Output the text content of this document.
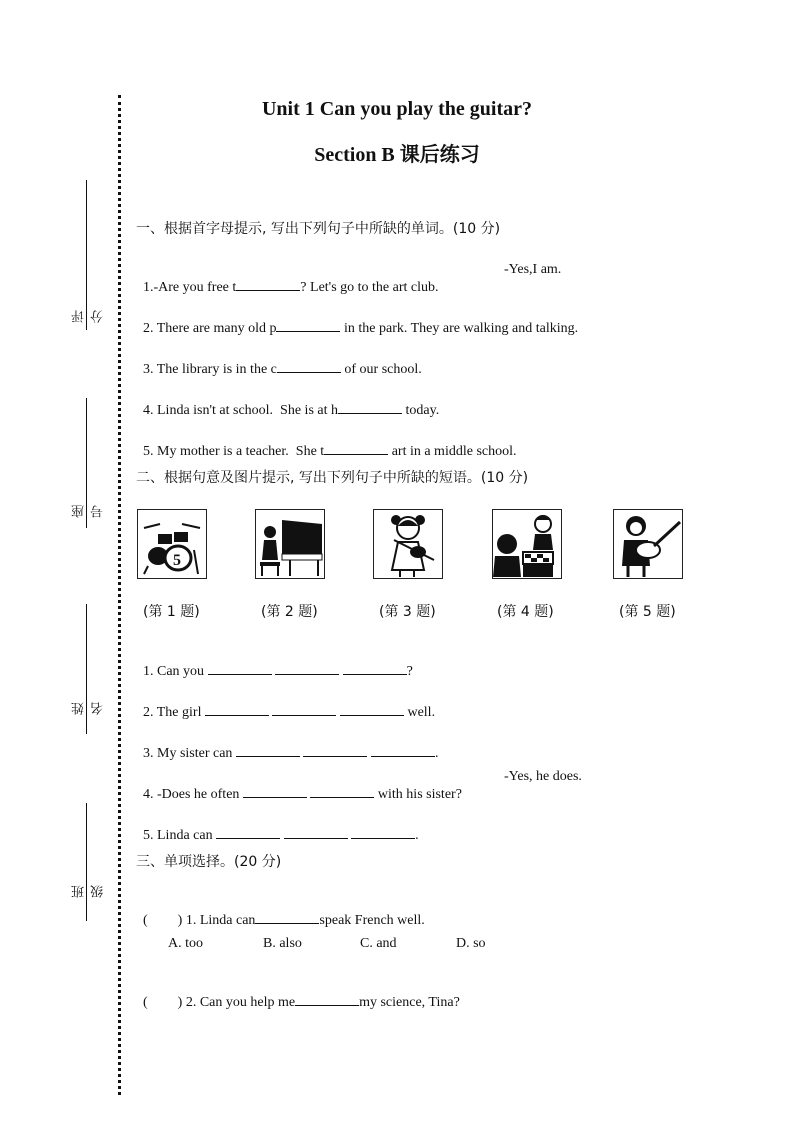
评分
座号
姓名
班级
Unit 1 Can you play the guitar?
Section B 课后练习
一、根据首字母提示, 写出下列句子中所缺的单词。(10 分)

1.-Are you free t	? Let's go to the art club.

-Yes,I am.

2. There are many old p	in the park. They are walking and talking.

3. The library is in the c	of our school.

4. Linda isn't at school.  She is at h	today.

5. My mother is a teacher.  She t	art in a middle school.

二、根据句意及图片提示, 写出下列句子中所缺的短语。(10 分)
5
(第 1 题)	(第 2 题)	(第 3 题)	(第 4 题)	(第 5 题)

1. Can you	?

2. The girl	well.

3. My sister can	.

4. -Does he often	with his sister?

-Yes, he does.

5. Linda can	.

三、单项选择。(20 分)

( ) 1. Linda can	speak French well.

A. too	B. also	C. and	D. so

( ) 2. Can you help me	my science, Tina?
